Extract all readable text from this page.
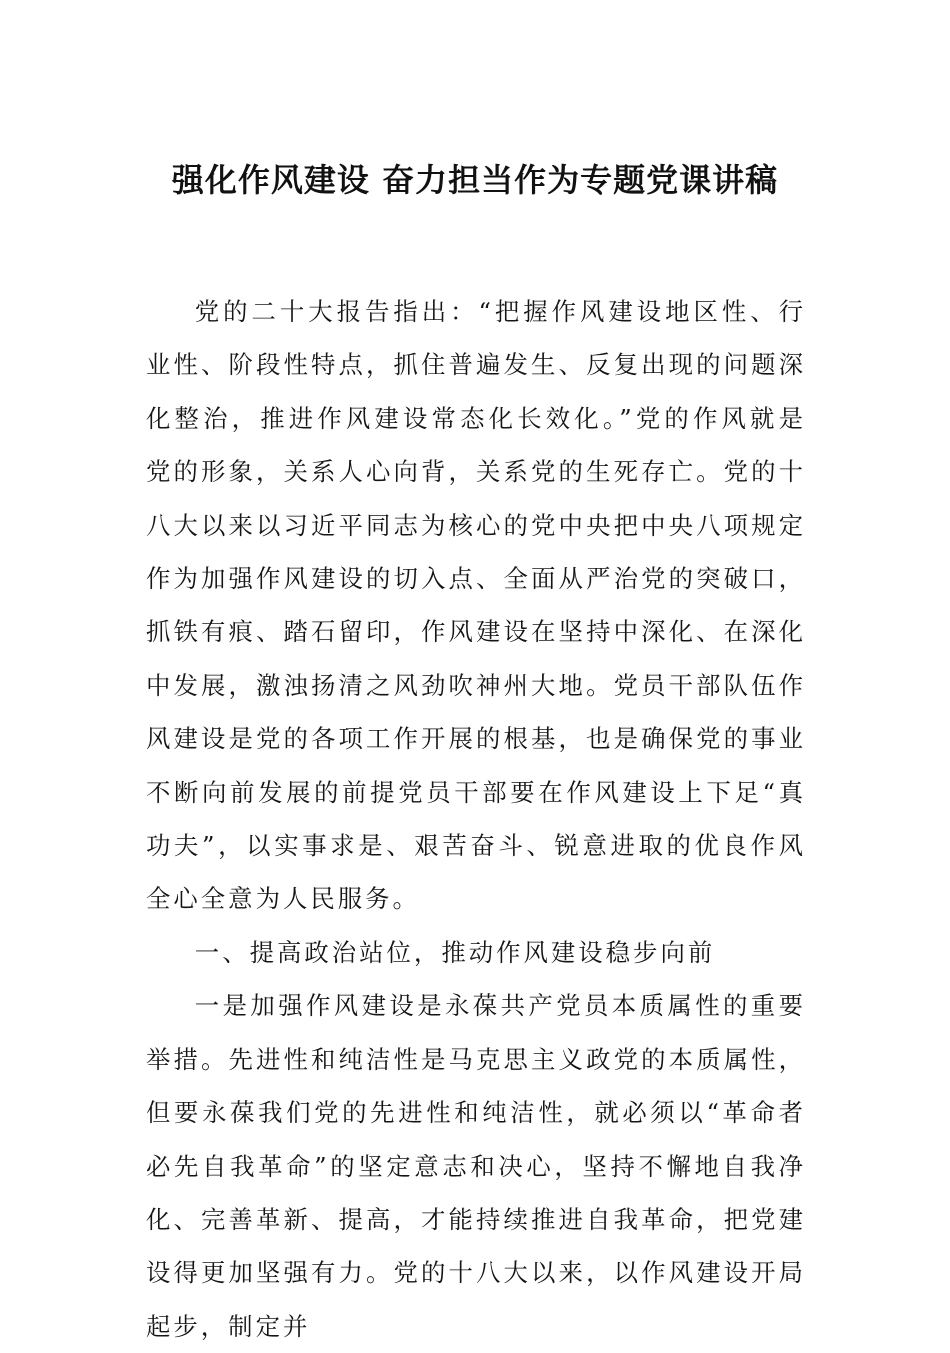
强化作风建设 奋力担当作为专题党课讲稿

党的二十大报告指出：“把握作风建设地区性、行业性、阶段性特点，抓住普遍发生、反复出现的问题深化整治，推进作风建设常态化长效化。”党的作风就是党的形象，关系人心向背，关系党的生死存亡。党的十八大以来以习近平同志为核心的党中央把中央八项规定作为加强作风建设的切入点、全面从严治党的突破口，抓铁有痕、踏石留印，作风建设在坚持中深化、在深化中发展，激浊扬清之风劲吹神州大地。党员干部队伍作风建设是党的各项工作开展的根基，也是确保党的事业不断向前发展的前提党员干部要在作风建设上下足“真功夫”，以实事求是、艰苦奋斗、锐意进取的优良作风全心全意为人民服务。

一、提高政治站位，推动作风建设稳步向前

一是加强作风建设是永葆共产党员本质属性的重要举措。先进性和纯洁性是马克思主义政党的本质属性，但要永葆我们党的先进性和纯洁性，就必须以“革命者必先自我革命”的坚定意志和决心，坚持不懈地自我净化、完善革新、提高，才能持续推进自我革命，把党建设得更加坚强有力。党的十八大以来，以作风建设开局起步，制定并
